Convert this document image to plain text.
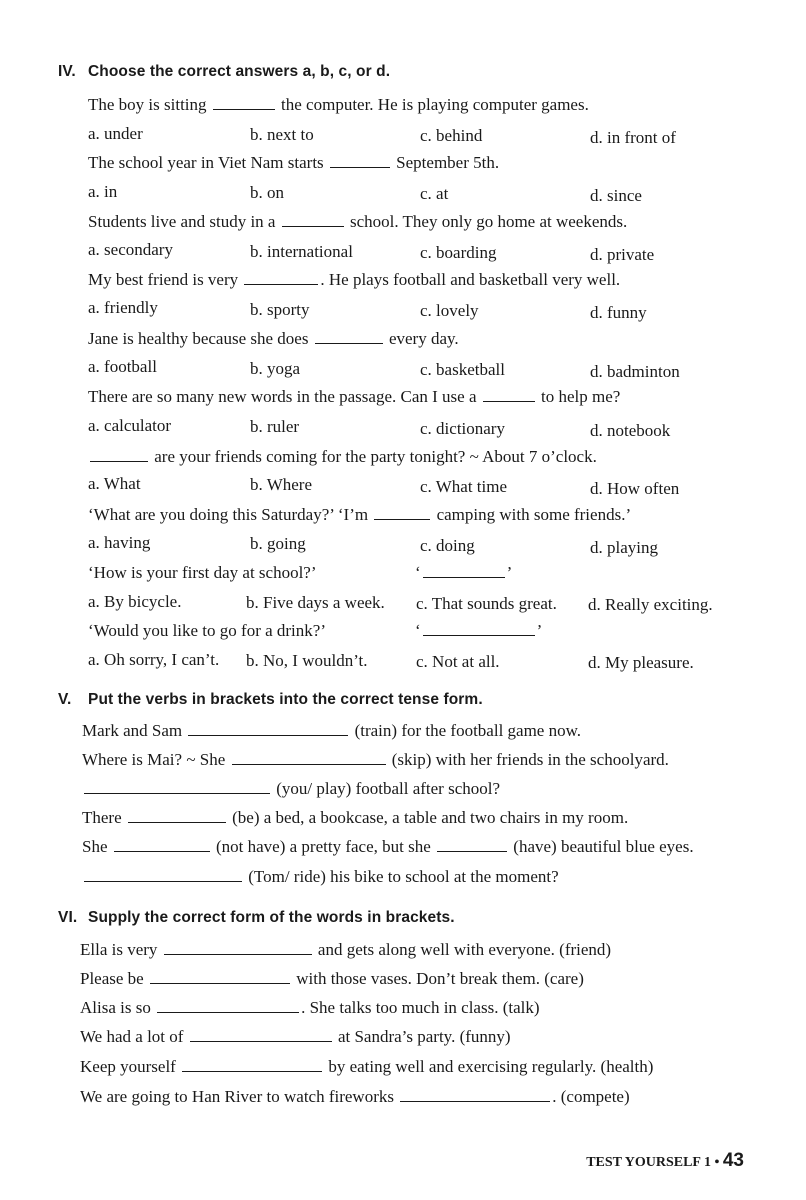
IV. Choose the correct answers a, b, c, or d.
The boy is sitting	the computer. He is playing computer games.
a. under	b. next to	c. behind	d. in front of
The school year in Viet Nam starts	September 5th.
a. in	b. on	c. at	d. since
Students live and study in a	school. They only go home at weekends.
a. secondary	b. international	c. boarding	d. private
My best friend is very	. He plays football and basketball very well.
a. friendly	b. sporty	c. lovely	d. funny
Jane is healthy because she does	every day.
a. football	b. yoga	c. basketball	d. badminton
There are so many new words in the passage. Can I use a	to help me?
a. calculator	b. ruler	c. dictionary	d. notebook
are your friends coming for the party tonight? ~ About 7 o’clock.
a. What	b. Where	c. What time	d. How often
‘What are you doing this Saturday?’ ‘I’m	camping with some friends.’
a. having	b. going	c. doing	d. playing
‘How is your first day at school?’	‘	’
a. By bicycle.	b. Five days a week. c. That sounds great. d. Really exciting.
‘Would you like to go for a drink?’	‘	’
a. Oh sorry, I can’t. b. No, I wouldn’t.	c. Not at all.	d. My pleasure.
V. Put the verbs in brackets into the correct tense form.
Mark and Sam	(train) for the football game now.
Where is Mai? ~ She	(skip) with her friends in the schoolyard.
(you/ play) football after school?
There	(be) a bed, a bookcase, a table and two chairs in my room.
She	(not have) a pretty face, but she	(have) beautiful blue eyes.
(Tom/ ride) his bike to school at the moment?
VI. Supply the correct form of the words in brackets.
Ella is very	and gets along well with everyone. (friend)
Please be	with those vases. Don’t break them. (care)
Alisa is so	. She talks too much in class. (talk)
We had a lot of	at Sandra’s party. (funny)
Keep yourself	by eating well and exercising regularly. (health)
We are going to Han River to watch fireworks	. (compete)
TEST YOURSELF 1 • 43
